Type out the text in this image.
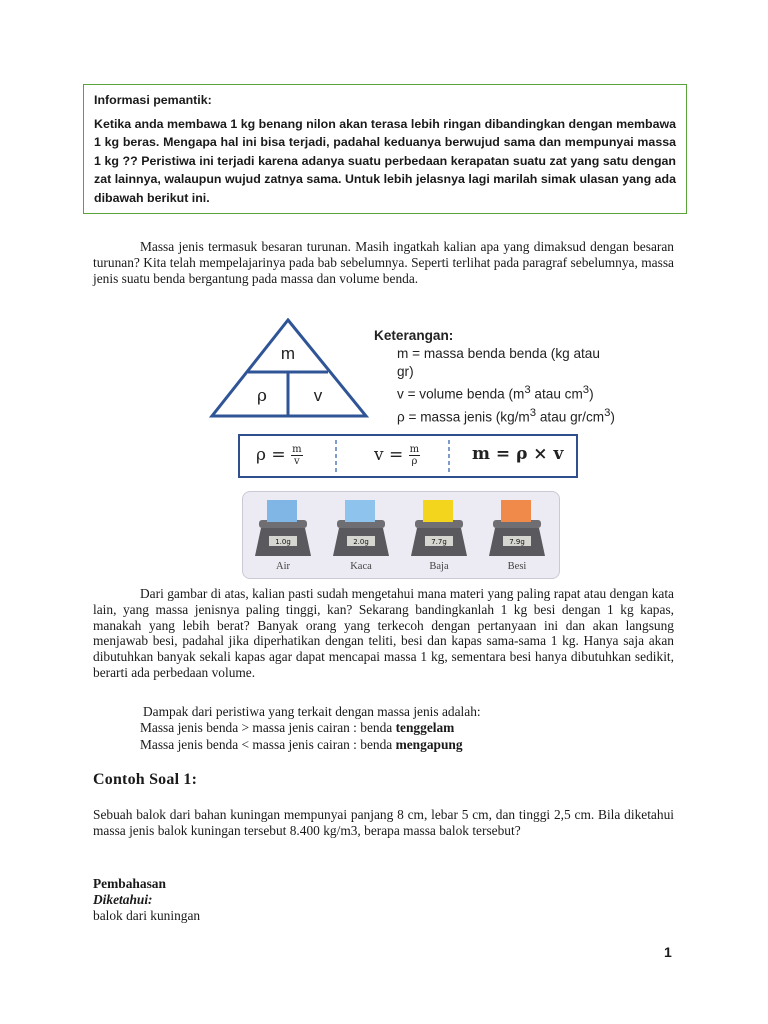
Informasi pemantik:
Ketika anda membawa 1 kg benang nilon akan terasa lebih ringan dibandingkan dengan membawa 1 kg beras. Mengapa hal ini bisa terjadi, padahal keduanya berwujud sama dan mempunyai massa 1 kg ?? Peristiwa ini terjadi karena adanya suatu perbedaan kerapatan suatu zat yang satu dengan zat lainnya, walaupun wujud zatnya sama. Untuk lebih jelasnya lagi marilah simak ulasan yang ada dibawah berikut ini.
Massa jenis termasuk besaran turunan. Masih ingatkah kalian apa yang dimaksud dengan besaran turunan? Kita telah mempelajarinya pada bab sebelumnya. Seperti terlihat pada paragraf sebelumnya, massa jenis suatu benda bergantung pada massa dan volume benda.
m
ρ	v
Keterangan:
m = massa benda benda (kg atau gr)
v = volume benda ($m^3$ atau $cm^3$)
ρ = massa jenis ($kg/m^3$ atau $gr/cm^3$)
$\rho = \frac{m}{v}$	$v = \frac{m}{\rho}$	m = ρ × v
1.0g	2.0g	7.7g	7.9g
Air	Kaca	Baja	Besi
Dari gambar di atas, kalian pasti sudah mengetahui mana materi yang paling rapat atau dengan kata lain, yang massa jenisnya paling tinggi, kan? Sekarang bandingkanlah 1 kg besi dengan 1 kg kapas, manakah yang lebih berat? Banyak orang yang terkecoh dengan pertanyaan ini dan akan langsung menjawab besi, padahal jika diperhatikan dengan teliti, besi dan kapas sama-sama 1 kg. Hanya saja akan dibutuhkan banyak sekali kapas agar dapat mencapai massa 1 kg, sementara besi hanya dibutuhkan sedikit, berarti ada perbedaan volume.
Dampak dari peristiwa yang terkait dengan massa jenis adalah:
Massa jenis benda > massa jenis cairan : benda tenggelam
Massa jenis benda < massa jenis cairan : benda mengapung
Contoh Soal 1:
Sebuah balok dari bahan kuningan mempunyai panjang 8 cm, lebar 5 cm, dan tinggi 2,5 cm. Bila diketahui massa jenis balok kuningan tersebut 8.400 kg/m3, berapa massa balok tersebut?
Pembahasan
Diketahui:
balok dari kuningan
1
